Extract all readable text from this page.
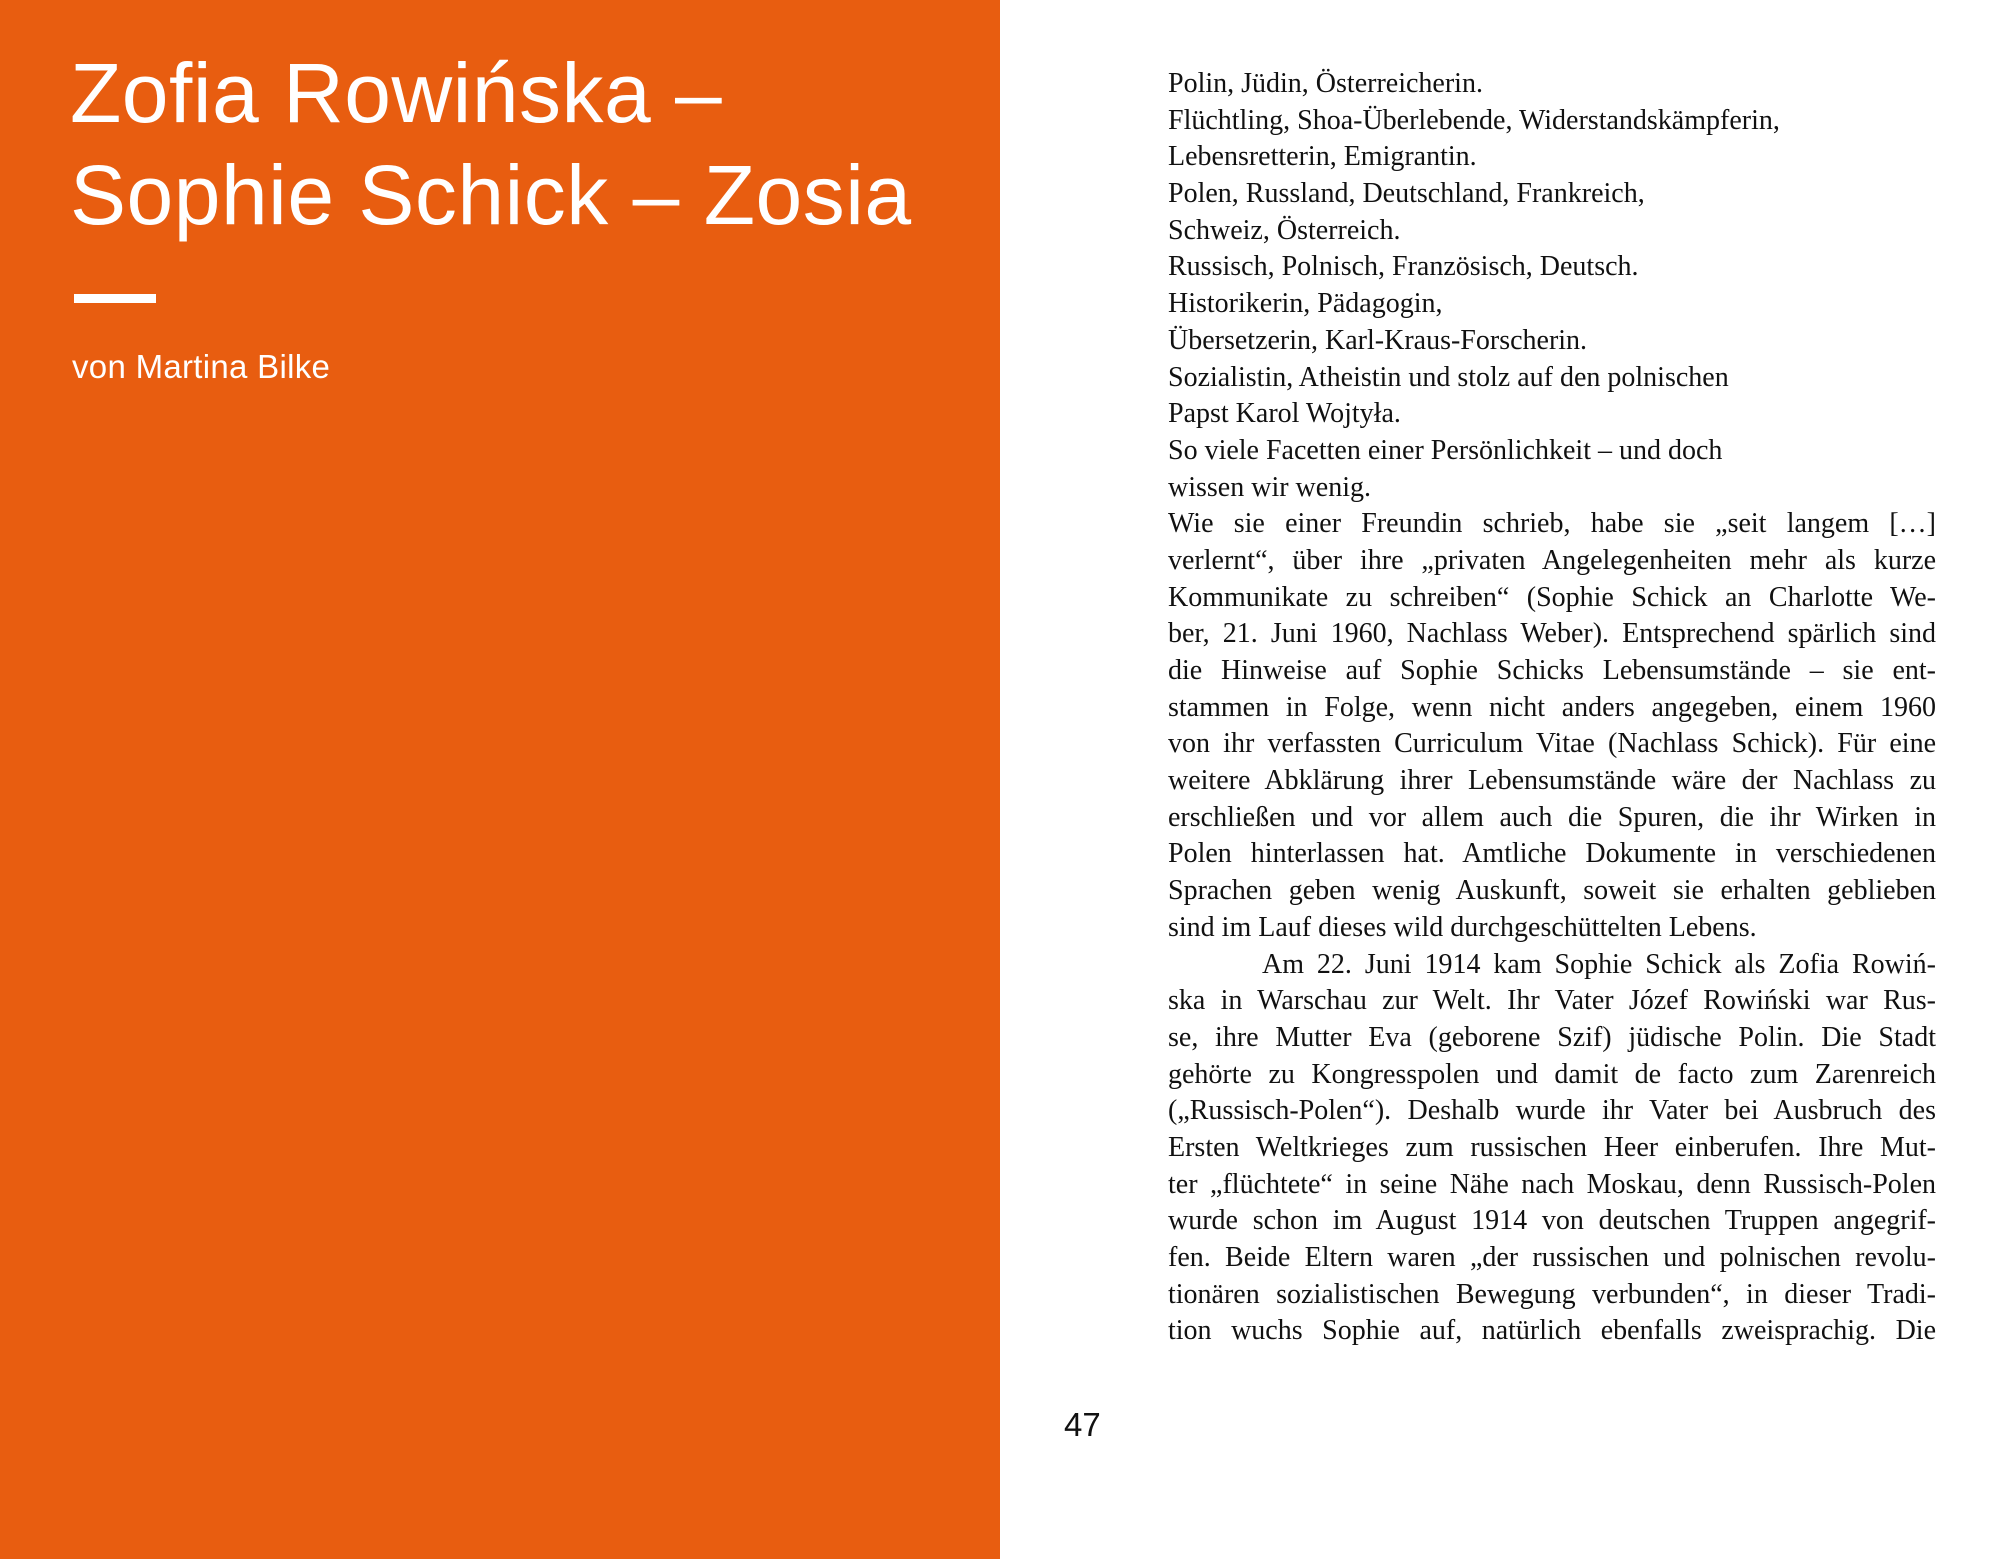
Zofia Rowińska –
Sophie Schick – Zosia

von Martina Bilke

47
Polin, Jüdin, Österreicherin.
Flüchtling, Shoa-Überlebende, Widerstandskämpferin,
Lebensretterin, Emigrantin.
Polen, Russland, Deutschland, Frankreich,
Schweiz, Österreich.
Russisch, Polnisch, Französisch, Deutsch.
Historikerin, Pädagogin,
Übersetzerin, Karl-Kraus-Forscherin.
Sozialistin, Atheistin und stolz auf den polnischen
Papst Karol Wojtyła.
So viele Facetten einer Persönlichkeit – und doch
wissen wir wenig.
Wie sie einer Freundin schrieb, habe sie „seit langem […]
verlernt“, über ihre „privaten Angelegenheiten mehr als kurze
Kommunikate zu schreiben“ (Sophie Schick an Charlotte We-
ber, 21. Juni 1960, Nachlass Weber). Entsprechend spärlich sind
die Hinweise auf Sophie Schicks Lebensumstände – sie ent-
stammen in Folge, wenn nicht anders angegeben, einem 1960
von ihr verfassten Curriculum Vitae (Nachlass Schick). Für eine
weitere Abklärung ihrer Lebensumstände wäre der Nachlass zu
erschließen und vor allem auch die Spuren, die ihr Wirken in
Polen hinterlassen hat. Amtliche Dokumente in verschiedenen
Sprachen geben wenig Auskunft, soweit sie erhalten geblieben
sind im Lauf dieses wild durchgeschüttelten Lebens.
Am 22. Juni 1914 kam Sophie Schick als Zofia Rowiń-
ska in Warschau zur Welt. Ihr Vater Józef Rowiński war Rus-
se, ihre Mutter Eva (geborene Szif) jüdische Polin. Die Stadt
gehörte zu Kongresspolen und damit de facto zum Zarenreich
(„Russisch-Polen“). Deshalb wurde ihr Vater bei Ausbruch des
Ersten Weltkrieges zum russischen Heer einberufen. Ihre Mut-
ter „flüchtete“ in seine Nähe nach Moskau, denn Russisch-Polen
wurde schon im August 1914 von deutschen Truppen angegrif-
fen. Beide Eltern waren „der russischen und polnischen revolu-
tionären sozialistischen Bewegung verbunden“, in dieser Tradi-
tion wuchs Sophie auf, natürlich ebenfalls zweisprachig. Die
